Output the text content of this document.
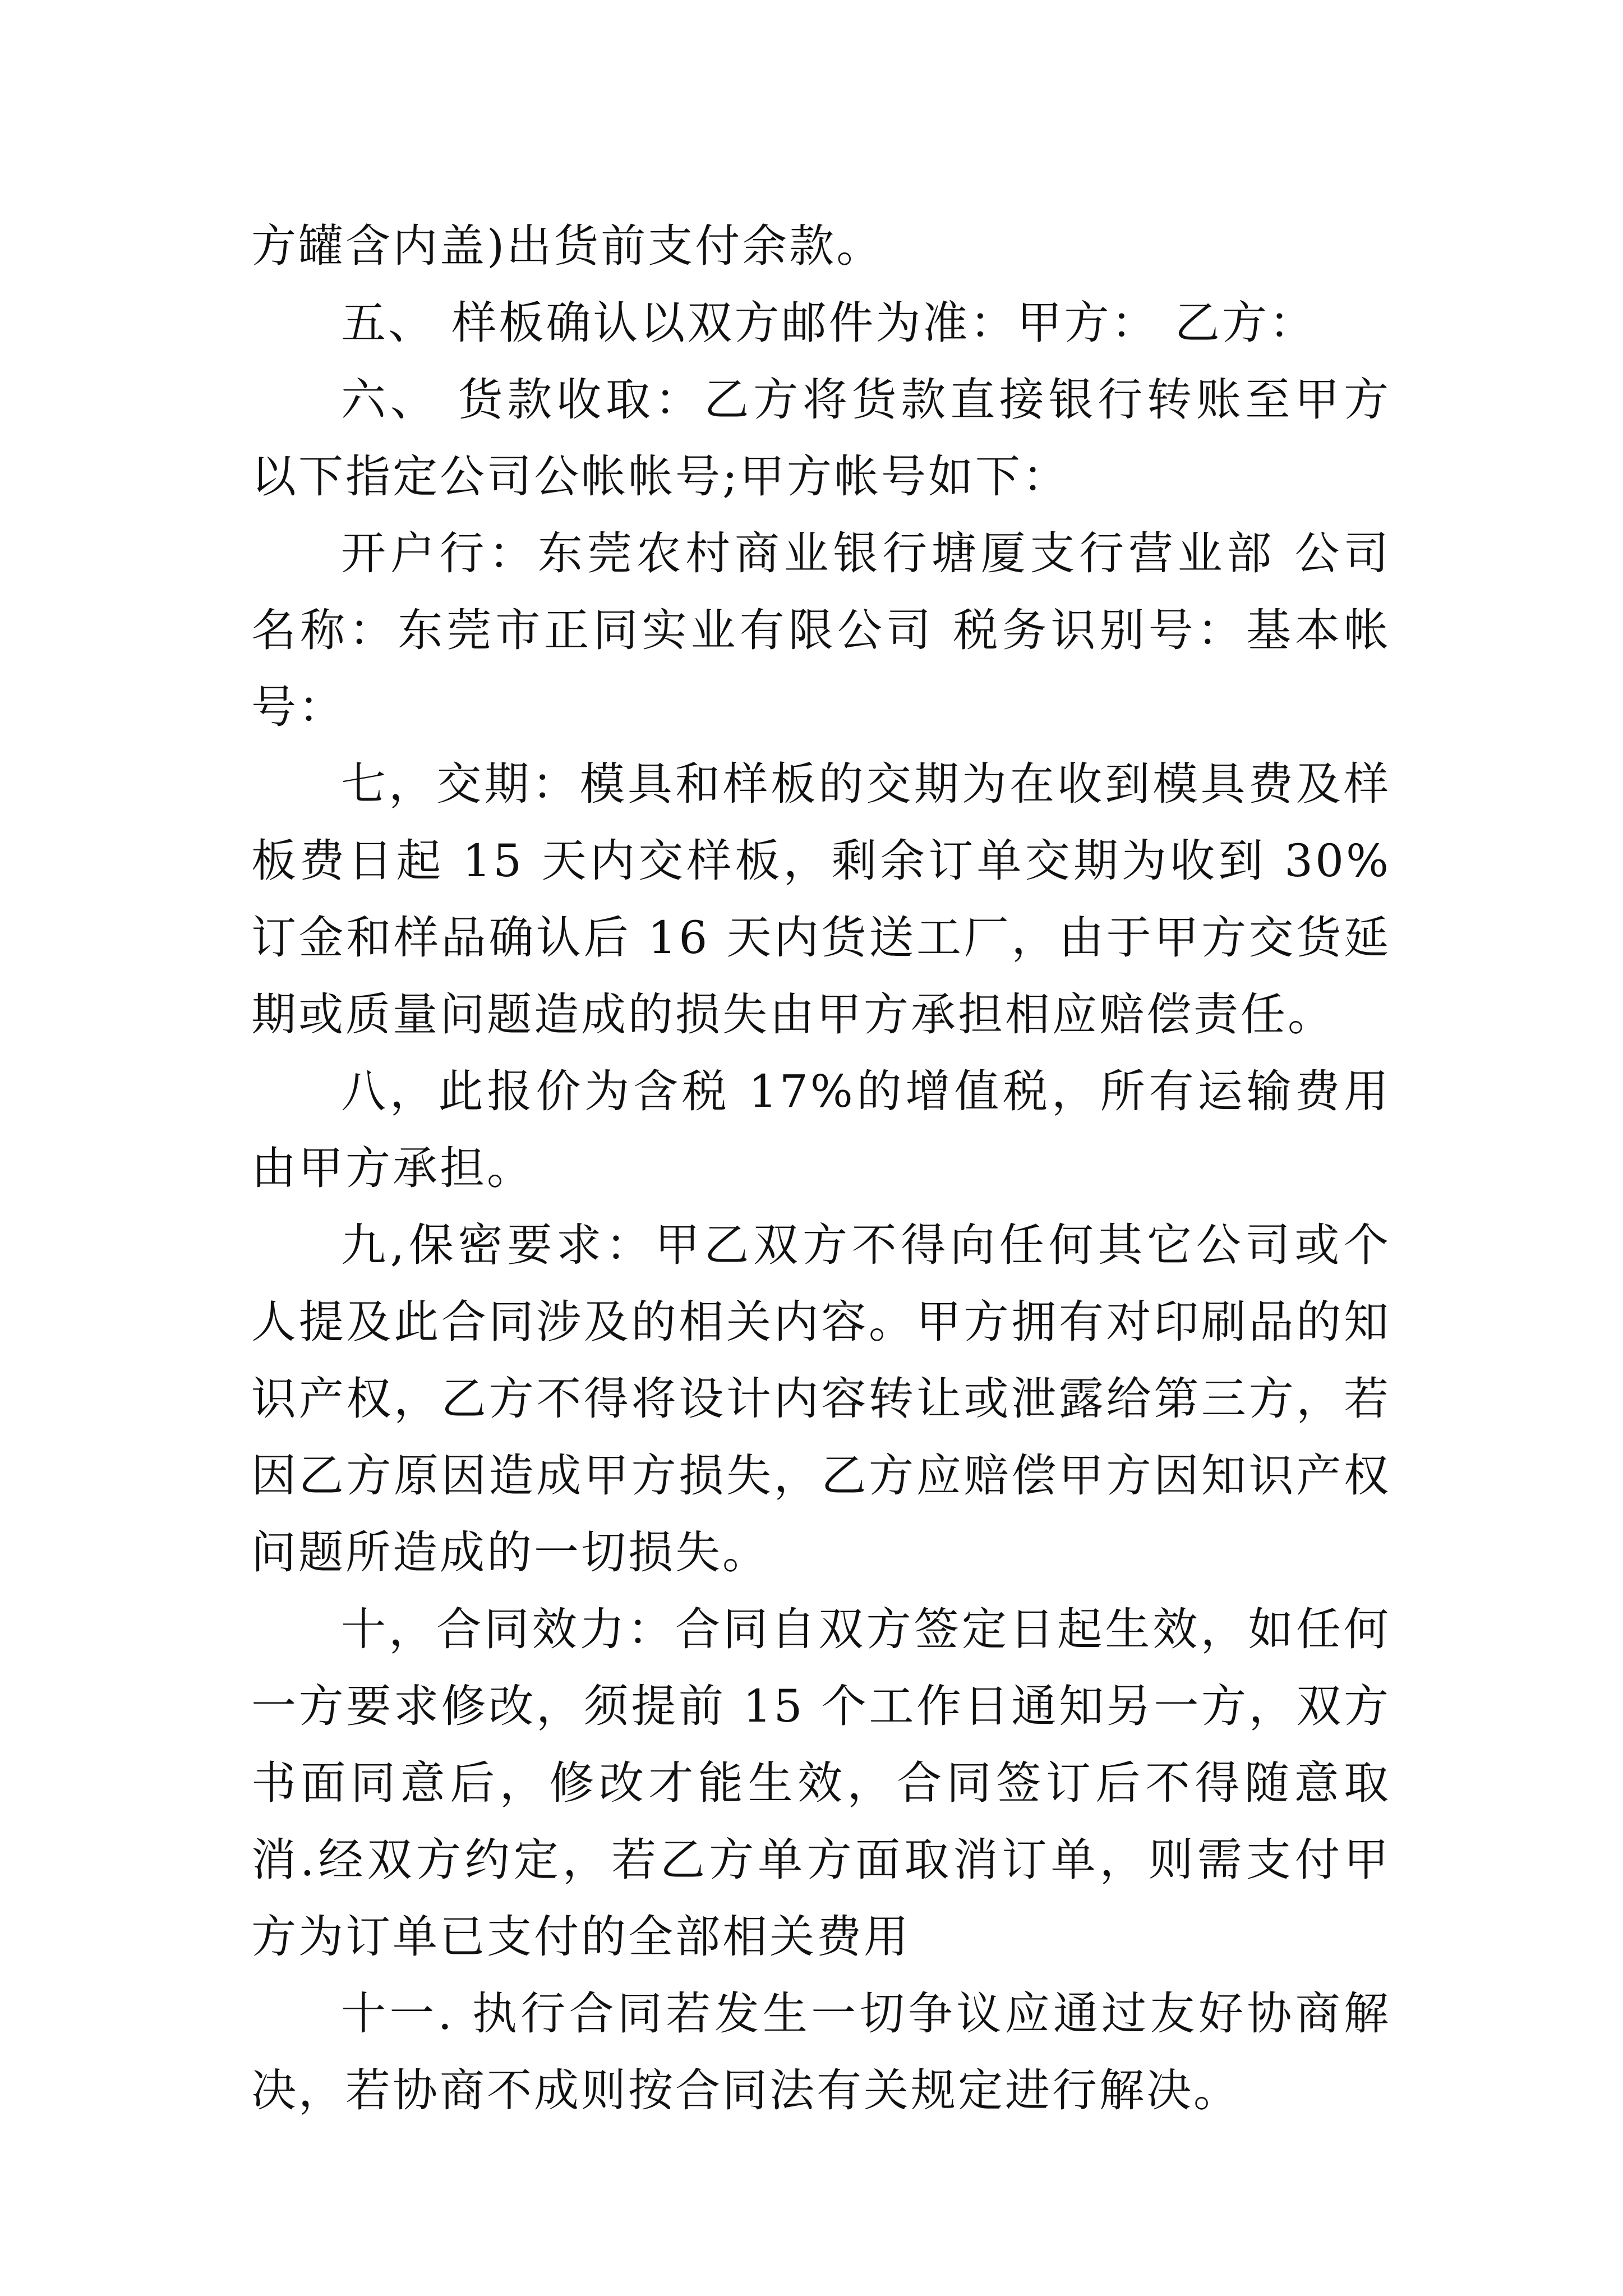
方罐含内盖)出货前支付余款。

五、 样板确认以双方邮件为准：甲方： 乙方：

六、 货款收取：乙方将货款直接银行转账至甲方以下指定公司公帐帐号;甲方帐号如下：

开户行：东莞农村商业银行塘厦支行营业部 公司名称：东莞市正同实业有限公司 税务识别号：基本帐号：

七，交期：模具和样板的交期为在收到模具费及样板费日起 15 天内交样板，剩余订单交期为收到 30%订金和样品确认后 16 天内货送工厂，由于甲方交货延期或质量问题造成的损失由甲方承担相应赔偿责任。

八，此报价为含税 17%的增值税，所有运输费用由甲方承担。

九,保密要求：甲乙双方不得向任何其它公司或个人提及此合同涉及的相关内容。甲方拥有对印刷品的知识产权，乙方不得将设计内容转让或泄露给第三方，若因乙方原因造成甲方损失，乙方应赔偿甲方因知识产权问题所造成的一切损失。

十，合同效力：合同自双方签定日起生效，如任何一方要求修改，须提前 15 个工作日通知另一方，双方书面同意后，修改才能生效，合同签订后不得随意取消.经双方约定，若乙方单方面取消订单，则需支付甲方为订单已支付的全部相关费用

十一. 执行合同若发生一切争议应通过友好协商解决，若协商不成则按合同法有关规定进行解决。
